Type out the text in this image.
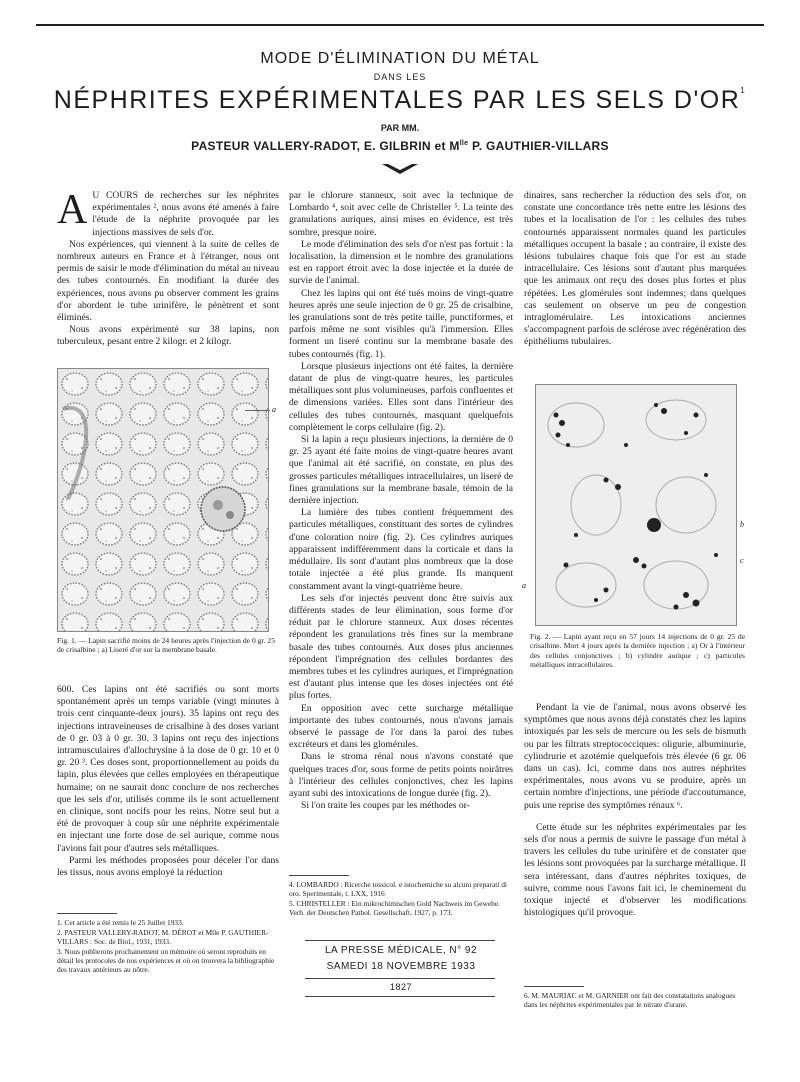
MODE D'ÉLIMINATION DU MÉTAL
DANS LES
NÉPHRITES EXPÉRIMENTALES PAR LES SELS $D'OR^1$
PAR MM.
PASTEUR VALLERY-RADOT, E. GILBRIN et $M^{lle}$ P. GAUTHIER-VILLARS

A U COURS de recherches sur les néphrites expérimentales ², nous avons été amenés à faire l'étude de la néphrite provoquée par les injections massives de sels d'or.

Nos expériences, qui viennent à la suite de celles de nombreux auteurs en France et à l'étranger, nous ont permis de saisir le mode d'élimination du métal au niveau des tubes contournés. En modifiant la durée des expériences, nous avons pu observer comment les grains d'or abordent le tube urinifère, le pénètrent et sont éliminés.

Nous avons expérimenté sur 38 lapins, non tuberculeux, pesant entre 2 kilogr. et 2 kilogr.

a
Fig. 1. — Lapin sacrifié moins de 24 heures après l'injection de 0 gr. 25 de crisalbine ; a) Liseré d'or sur la membrane basale.

600. Ces lapins ont été sacrifiés ou sont morts spontanément après un temps variable (vingt minutes à trois cent cinquante-deux jours). 35 lapins ont reçu des injections intraveineuses de crisalbine à des doses variant de 0 gr. 03 à 0 gr. 30. 3 lapins ont reçu des injections intramusculaires d'allochrysine à la dose de 0 gr. 10 et 0 gr. 20 ³. Ces doses sont, proportionnellement au poids du lapin, plus élevées que celles employées en thérapeutique humaine; on ne saurait donc conclure de nos recherches que les sels d'or, utilisés comme ils le sont actuellement en clinique, sont nocifs pour les reins. Notre seul but a été de provoquer à coup sûr une néphrite expérimentale en injectant une forte dose de sel aurique, comme nous l'avions fait pour d'autres sels métalliques.

Parmi les méthodes proposées pour déceler l'or dans les tissus, nous avons employé la réduction

1. Cet article a été remis le 25 Juillet 1933.
2. PASTEUR VALLERY-RADOT, M. DÉROT et Mlle P. GAUTHIER-VILLARS : Soc. de Biol., 1931, 1933.
3. Nous publierons prochainement un mémoire où seront reproduits en détail les protocoles de nos expériences et où on trouvera la bibliographie des travaux antérieurs au nôtre.

par le chlorure stanneux, soit avec la technique de Lombardo ⁴, soit avec celle de Christeller ⁵. La teinte des granulations auriques, ainsi mises en évidence, est très sombre, presque noire.

Le mode d'élimination des sels d'or n'est pas fortuit : la localisation, la dimension et le nombre des granulations est en rapport étroit avec la dose injectée et la durée de survie de l'animal.

Chez les lapins qui ont été tués moins de vingt-quatre heures après une seule injection de 0 gr. 25 de crisalbine, les granulations sont de très petite taille, punctiformes, et parfois même ne sont visibles qu'à l'immersion. Elles forment un liseré continu sur la membrane basale des tubes contournés (fig. 1).

Lorsque plusieurs injections ont été faites, la dernière datant de plus de vingt-quatre heures, les particules métalliques sont plus volumineuses, parfois confluentes et de dimensions variées. Elles sont dans l'intérieur des cellules des tubes contournés, masquant quelquefois complètement le corps cellulaire (fig. 2).

Si la lapin a reçu plusieurs injections, la dernière de 0 gr. 25 ayant été faite moins de vingt-quatre heures avant que l'animal ait été sacrifié, on constate, en plus des grosses particules métalliques intracellulaires, un liseré de fines granulations sur la membrane basale, témoin de la dernière injection.

La lumière des tubes contient fréquemment des particules métalliques, constituant des sortes de cylindres d'une coloration noire (fig. 2). Ces cylindres auriques apparaissent indifféremment dans la corticale et dans la médullaire. Ils sont d'autant plus nombreux que la dose totale injectée a été plus grande. Ils manquent constamment avant la vingt-quatrième heure.

Les sels d'or injectés peuvent donc être suivis aux différents stades de leur élimination, sous forme d'or réduit par le chlorure stanneux. Aux doses récentes répondent les granulations très fines sur la membrane basale des tubes contournés. Aux doses plus anciennes répondent l'imprégnation des cellules bordantes des membres tubes et les cylindres auriques, et l'imprégnation est d'autant plus intense que les doses injectées ont été plus fortes.

En opposition avec cette surcharge métallique importante des tubes contournés, nous n'avons jamais observé le passage de l'or dans la paroi des tubes excréteurs et dans les glomérules.

Dans le stroma rénal nous n'avons constaté que quelques traces d'or, sous forme de petits points noirâtres à l'intérieur des cellules conjonctives, chez les lapins ayant subi des intoxications de longue durée (fig. 2).

Si l'on traite les coupes par les méthodes or-

4. LOMBARDO : Ricerche tossicol. e istochemiche su alcuni preparati di oro. Sperimentale, t. LXX, 1916
5. CHRISTELLER : Ein mikrochimischen Gold Nachweis im Gewebe. Verh. der Deutschen Pathol. Gesellschaft, 1927, p. 173.
LA PRESSE MÉDICALE, N° 92
SAMEDI 18 NOVEMBRE 1933
1827

dinaires, sans rechercher la réduction des sels d'or, on constate une concordance très nette entre les lésions des tubes et la localisation de l'or : les cellules des tubes contournés apparaissent normales quand les particules métalliques occupent la basale ; au contraire, il existe des lésions tubulaires chaque fois que l'or est au stade intracellulaire. Ces lésions sont d'autant plus marquées que les animaux ont reçu des doses plus fortes et plus répétées. Les glomérules sont indemnes; dans quelques cas seulement on observe un peu de congestion intraglomérulaire. Les intoxications anciennes s'accompagnent parfois de sclérose avec régénération des épithéliums tubulaires.

b
c
a
Fig. 2. — Lapin ayant reçu en 57 jours 14 injections de 0 gr. 25 de crisalbine. Mort 4 jours après la dernière injection ; a) Or à l'intérieur des cellules conjonctives ; b) cylindre aurique ; c) particules métalliques intracellulaires.

Pendant la vie de l'animal, nous avons observé les symptômes que nous avons déjà constatés chez les lapins intoxiqués par les sels de mercure ou les sels de bismuth ou par les filtrats streptococciques: oligurie, albuminurie, cylindrurie et azotémie quelquefois très élevée (6 gr. 06 dans un cas). Ici, comme dans nos autres néphrites expérimentales, nous avons vu se produire, après un certain nombre d'injections, une période d'accoutumance, puis une reprise des symptômes rénaux ⁶.

Cette étude sur les néphrites expérimentales par les sels d'or nous a permis de suivre le passage d'un métal à travers les cellules du tube urinifère et de constater que les lésions sont provoquées par la surcharge métallique. Il sera intéressant, dans d'autres néphrites toxiques, de suivre, comme nous l'avons fait ici, le cheminement du toxique injecté et d'observer les modifications histologiques qu'il provoque.

6. M. MAURIAC et M. GARNIER ont fait des constatations analogues dans les néphrites expérimentales par le nitrate d'urane.
